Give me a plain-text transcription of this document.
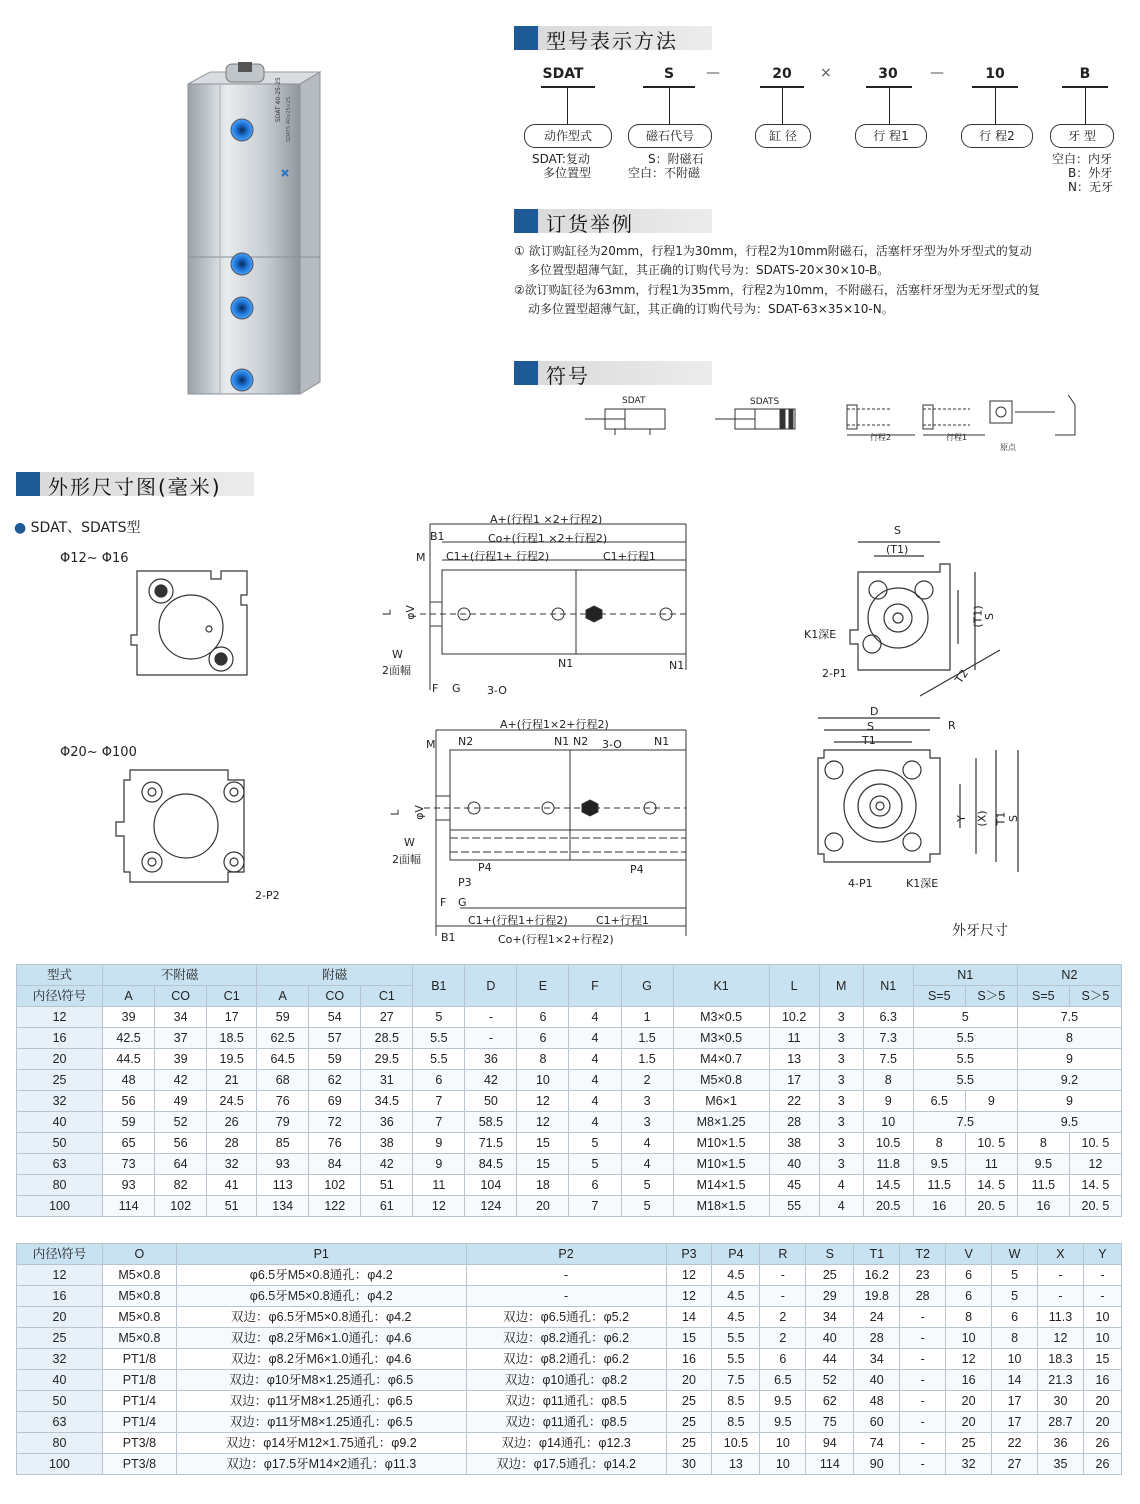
SDAT 40-25-25 SDATS 40×25×25
型号表示方法
SDAT	S	20	30	10	B
—	×	—
动作型式	磁石代号	缸 径	行 程1	行 程2	牙 型
SDAT:复动
多位置型
S：附磁石
空白：不附磁
空白：内牙
B：外牙
N：无牙
订货举例
① 欲订购缸径为20mm，行程1为30mm，行程2为10mm附磁石，活塞杆牙型为外牙型式的复动
多位置型超薄气缸，其正确的订购代号为：SDATS-20×30×10-B。
②欲订购缸径为63mm，行程1为35mm，行程2为10mm，不附磁石，活塞杆牙型为无牙型式的复
动多位置型超薄气缸，其正确的订购代号为：SDAT-63×35×10-N。
符号
SDAT	SDATS
行程2	行程1
原点
外形尺寸图(毫米)
● SDAT、SDATS型
Φ12~ Φ16
Φ20~ Φ100
2-P2
A+(行程1 ×2+行程2)
Co+(行程1 ×2+行程2)
C1+(行程1+ 行程2)	C1+行程1
B1
M
L φV
W
2面幅
F G 3-O
N1	N1
A+(行程1×2+行程2)
M N2	N1 N2 3-O	N1
L φV
W
2面幅
P4	P4
P3
F G
C1+(行程1+行程2)	C1+行程1
B1	Co+(行程1×2+行程2)
S
(T1)
(T1)
S
K1深E
2-P1	T2
D
S
T1
R
Y (X) T1 S
4-P1	K1深E
外牙尺寸
型式	不附磁			附磁			B1	D	E	F	G	K1	L	M	N1	N1		N2	
内径\符号	A	CO	C1	A	CO	C1										S=5	S＞5	S=5	S＞5
12	39	34	17	59	54	27	5	-	6	4	1	M3×0.5	10.2	3	6.3	5		7.5	
16	42.5	37	18.5	62.5	57	28.5	5.5	-	6	4	1.5	M3×0.5	11	3	7.3	5.5		8	
20	44.5	39	19.5	64.5	59	29.5	5.5	36	8	4	1.5	M4×0.7	13	3	7.5	5.5		9	
25	48	42	21	68	62	31	6	42	10	4	2	M5×0.8	17	3	8	5.5		9.2	
32	56	49	24.5	76	69	34.5	7	50	12	4	3	M6×1	22	3	9	6.5	9	9	
40	59	52	26	79	72	36	7	58.5	12	4	3	M8×1.25	28	3	10	7.5		9.5	
50	65	56	28	85	76	38	9	71.5	15	5	4	M10×1.5	38	3	10.5	8	10. 5	8	10. 5
63	73	64	32	93	84	42	9	84.5	15	5	4	M10×1.5	40	3	11.8	9.5	11	9.5	12
80	93	82	41	113	102	51	11	104	18	6	5	M14×1.5	45	4	14.5	11.5	14. 5	11.5	14. 5
100	114	102	51	134	122	61	12	124	20	7	5	M18×1.5	55	4	20.5	16	20. 5	16	20. 5
内径\符号	O	P1	P2	P3	P4	R	S	T1	T2	V	W	X	Y
12	M5×0.8	φ6.5牙M5×0.8通孔：φ4.2	-	12	4.5	-	25	16.2	23	6	5	-	-
16	M5×0.8	φ6.5牙M5×0.8通孔：φ4.2	-	12	4.5	-	29	19.8	28	6	5	-	-
20	M5×0.8	双边：φ6.5牙M5×0.8通孔：φ4.2	双边：φ6.5通孔：φ5.2	14	4.5	2	34	24	-	8	6	11.3	10
25	M5×0.8	双边：φ8.2牙M6×1.0通孔：φ4.6	双边：φ8.2通孔：φ6.2	15	5.5	2	40	28	-	10	8	12	10
32	PT1/8	双边：φ8.2牙M6×1.0通孔：φ4.6	双边：φ8.2通孔：φ6.2	16	5.5	6	44	34	-	12	10	18.3	15
40	PT1/8	双边：φ10牙M8×1.25通孔：φ6.5	双边：φ10通孔：φ8.2	20	7.5	6.5	52	40	-	16	14	21.3	16
50	PT1/4	双边：φ11牙M8×1.25通孔：φ6.5	双边：φ11通孔：φ8.5	25	8.5	9.5	62	48	-	20	17	30	20
63	PT1/4	双边：φ11牙M8×1.25通孔：φ6.5	双边：φ11通孔：φ8.5	25	8.5	9.5	75	60	-	20	17	28.7	20
80	PT3/8	双边：φ14牙M12×1.75通孔：φ9.2	双边：φ14通孔：φ12.3	25	10.5	10	94	74	-	25	22	36	26
100	PT3/8	双边：φ17.5牙M14×2通孔：φ11.3	双边：φ17.5通孔：φ14.2	30	13	10	114	90	-	32	27	35	26
